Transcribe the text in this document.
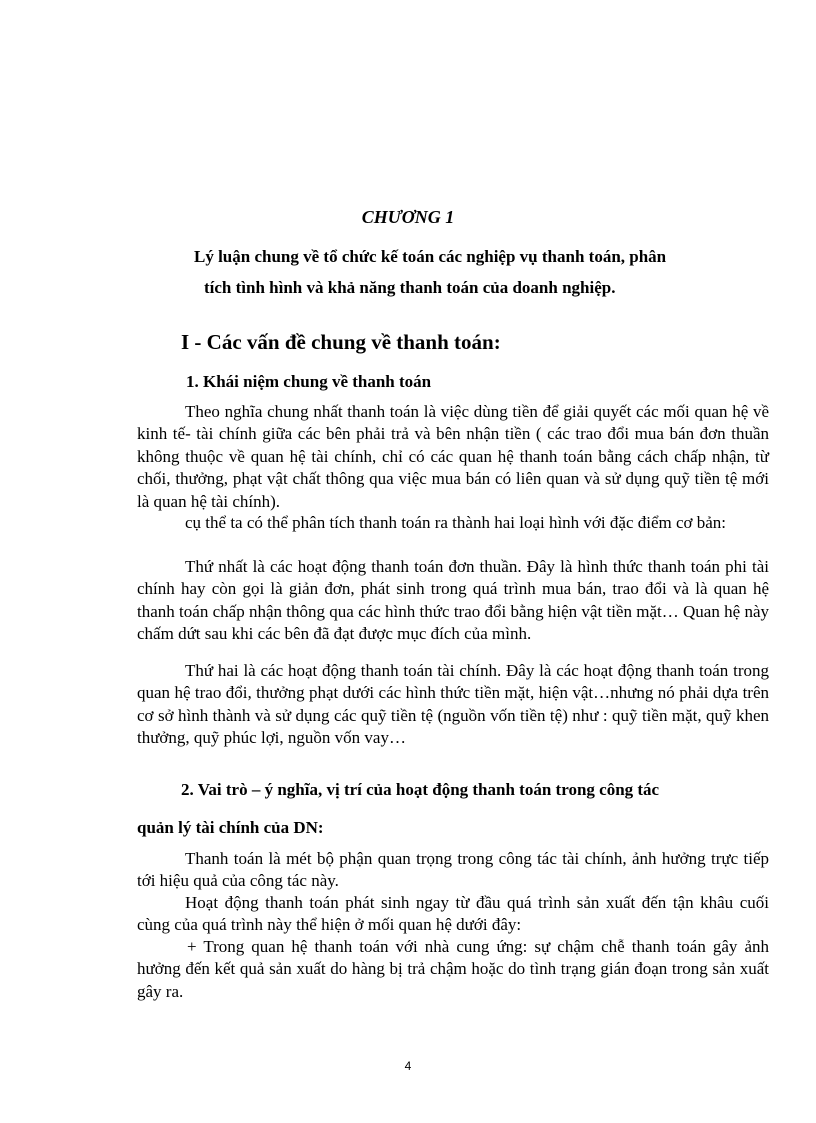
CHƯƠNG 1
Lý luận chung về tổ chức kế toán các nghiệp vụ thanh toán, phân
tích tình hình và khả năng thanh toán của doanh nghiệp.
I - Các vấn đề chung về thanh toán:
1. Khái niệm chung về thanh toán

Theo nghĩa chung nhất thanh toán là việc dùng tiền để giải quyết các mối quan hệ về kinh tế- tài chính giữa các bên phải trả và bên nhận tiền ( các trao đổi mua bán đơn thuần không thuộc về quan hệ tài chính, chỉ có các quan hệ thanh toán bằng cách chấp nhận, từ chối, thưởng, phạt vật chất thông qua việc mua bán có liên quan và sử dụng quỹ tiền tệ mới là quan hệ tài chính).

cụ thể ta có thể phân tích thanh toán ra thành hai loại hình với đặc điểm cơ bản:

Thứ nhất là các hoạt động thanh toán đơn thuần. Đây là hình thức thanh toán phi tài chính hay còn gọi là giản đơn, phát sinh trong quá trình mua bán, trao đổi và là quan hệ thanh toán chấp nhận thông qua các hình thức trao đổi bằng hiện vật tiền mặt… Quan hệ này chấm dứt sau khi các bên đã đạt được mục đích của mình.

Thứ hai là các hoạt động thanh toán tài chính. Đây là các hoạt động thanh toán trong quan hệ trao đổi, thưởng phạt dưới các hình thức tiền mặt, hiện vật…nhưng nó phải dựa trên cơ sở hình thành và sử dụng các quỹ tiền tệ (nguồn vốn tiền tệ) như : quỹ tiền mặt, quỹ khen thưởng, quỹ phúc lợi, nguồn vốn vay…

2. Vai trò – ý nghĩa, vị trí của hoạt động thanh toán trong công tác
quản lý tài chính của DN:

Thanh toán là mét bộ phận quan trọng trong công tác tài chính, ảnh hưởng trực tiếp tới hiệu quả của công tác này.

Hoạt động thanh toán phát sinh ngay từ đầu quá trình sản xuất đến tận khâu cuối cùng của quá trình này thể hiện ở mối quan hệ dưới đây:

+ Trong quan hệ thanh toán với nhà cung ứng: sự chậm chễ thanh toán gây ảnh hưởng đến kết quả sản xuất do hàng bị trả chậm hoặc do tình trạng gián đoạn trong sản xuất gây ra.

4
